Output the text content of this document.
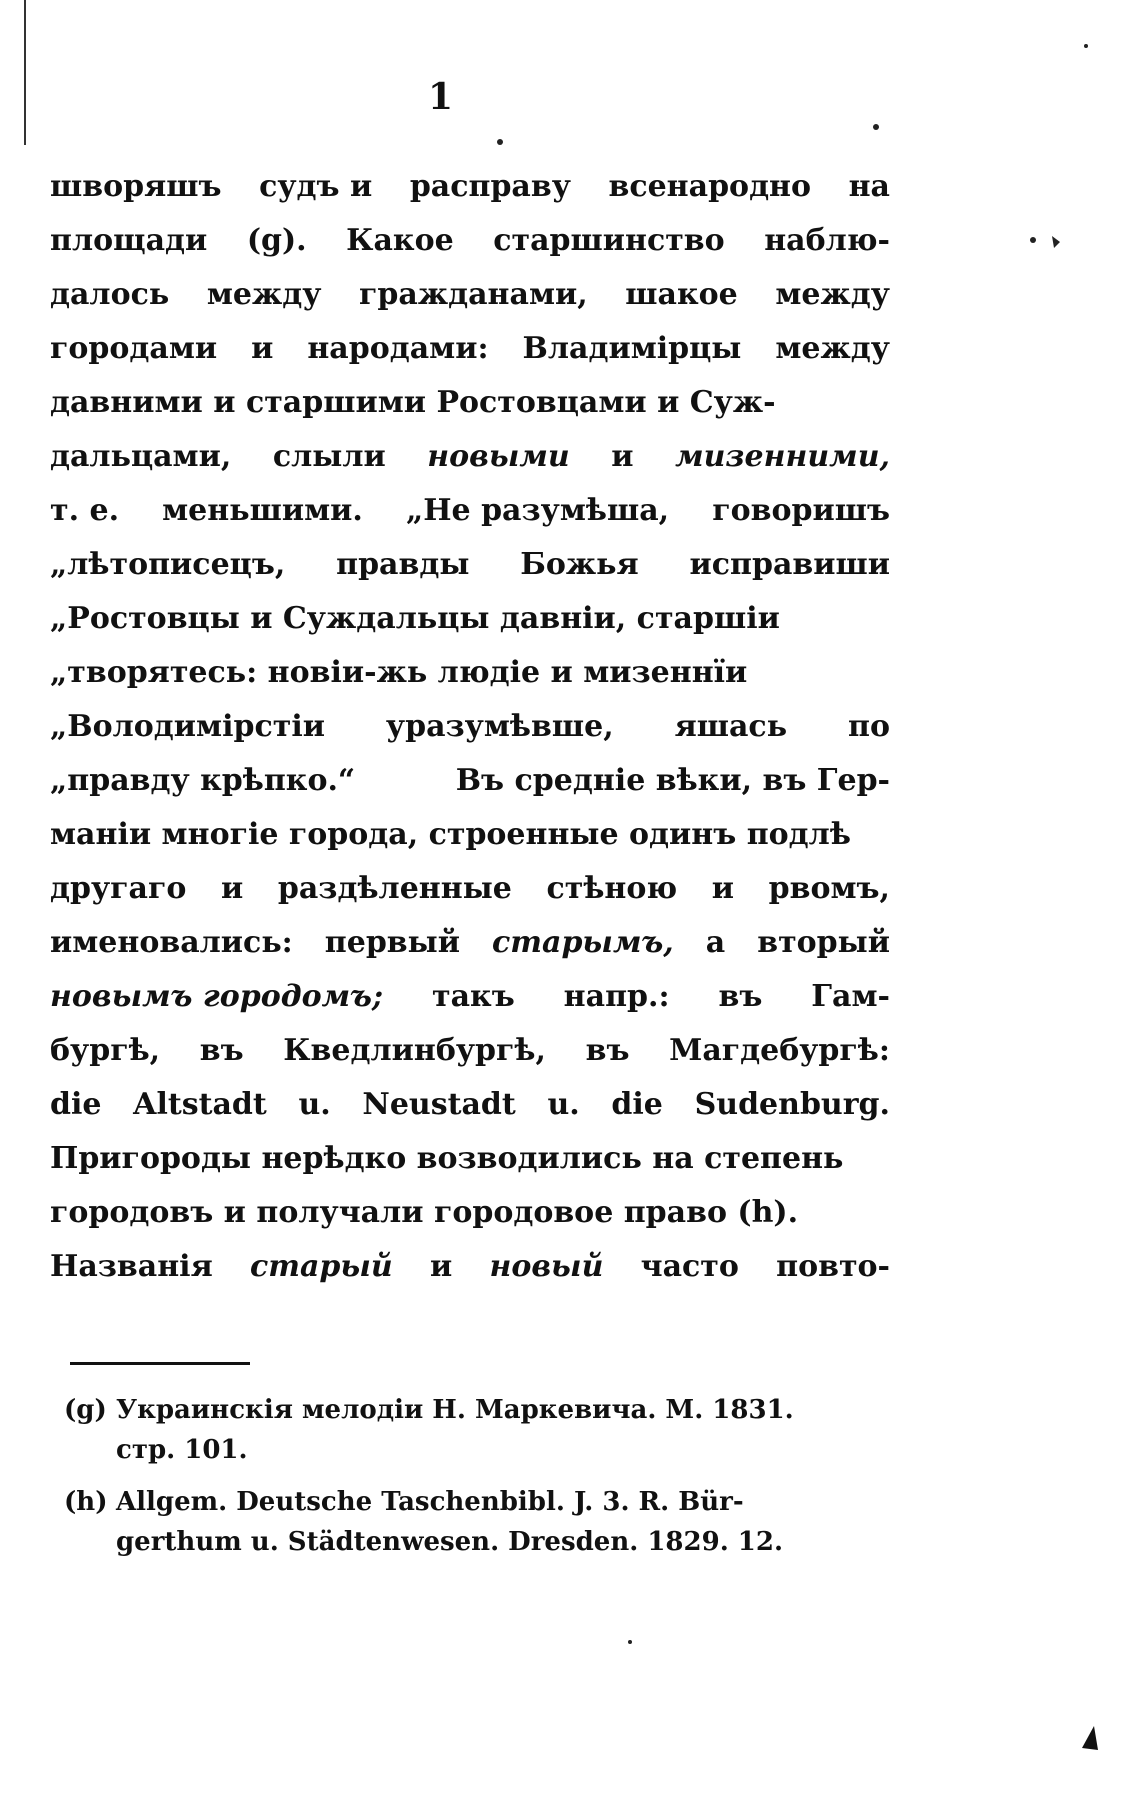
1
шворяшъ судъ и расправу всенародно на
площади (g). Какое старшинство наблю-
далось между гражданами, шакое между
городами и народами: Владимірцы между
давними и старшими Ростовцами и Суж-
дальцами, слыли новыми и мизенними,
т. е. меньшими. „Не разумѣша, говоришъ
„лѣтописецъ, правды Божья исправиши
„Ростовцы и Суждальцы давніи, старшіи
„творятесь: новіи-жь людіе и мизеннїи
„Володимірстіи уразумѣвше, яшась по
„правду крѣпко.“	Въ средніе вѣки, въ Гер-
маніи многіе города, строенные одинъ подлѣ
другаго и раздѣленные стѣною и рвомъ,
именовались: первый старымъ, а вторый
новымъ городомъ; такъ напр.: въ Гам-
бургѣ, въ Кведлинбургѣ, въ Магдебургѣ:
die Altstadt u. Neustadt u. die Sudenburg.
Пригороды нерѣдко возводились на степень
городовъ и получали городовое право (h).
Названія старый и новый часто повто-
(g) Украинскія мелодіи Н. Маркевича. М. 1831.
стр. 101.
(h) Allgem. Deutsche Taschenbibl. J. 3. R. Bür-
gerthum u. Städtenwesen. Dresden. 1829. 12.
